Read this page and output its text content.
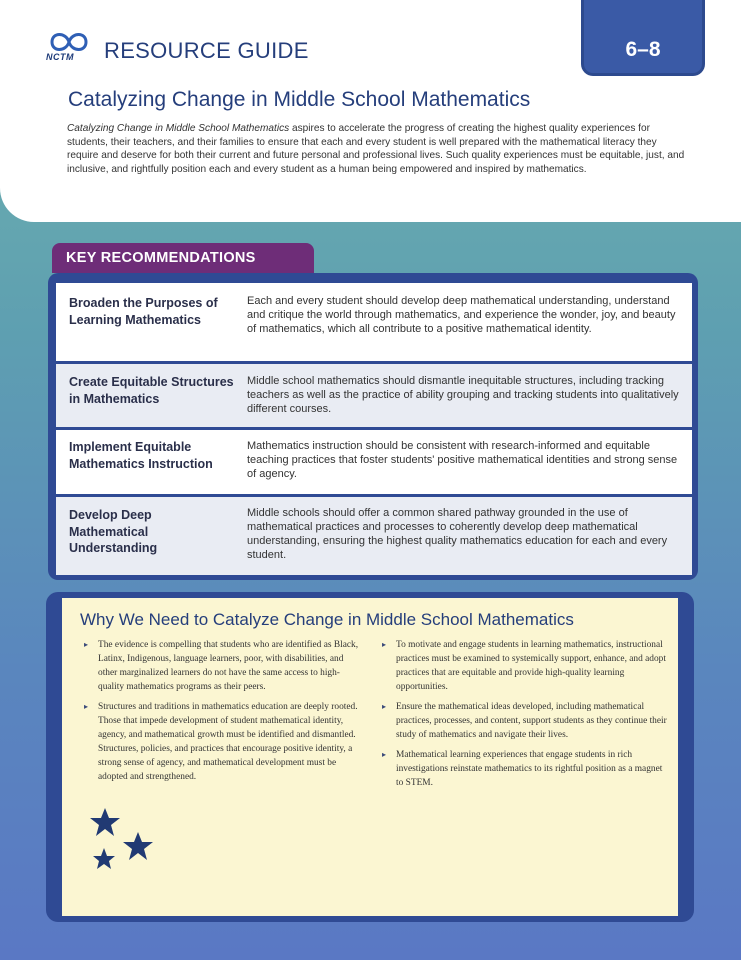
NCTM RESOURCE GUIDE	6–8
Catalyzing Change in Middle School Mathematics
Catalyzing Change in Middle School Mathematics aspires to accelerate the progress of creating the highest quality experiences for students, their teachers, and their families to ensure that each and every student is well prepared with the mathematical literacy they require and deserve for both their current and future personal and professional lives. Such quality experiences must be equitable, just, and inclusive, and rightfully position each and every student as a human being empowered and inspired by mathematics.
KEY RECOMMENDATIONS
Broaden the Purposes of Learning Mathematics
Each and every student should develop deep mathematical understanding, understand and critique the world through mathematics, and experience the wonder, joy, and beauty of mathematics, which all contribute to a positive mathematical identity.
Create Equitable Structures in Mathematics
Middle school mathematics should dismantle inequitable structures, including tracking teachers as well as the practice of ability grouping and tracking students into qualitatively different courses.
Implement Equitable Mathematics Instruction
Mathematics instruction should be consistent with research-informed and equitable teaching practices that foster students' positive mathematical identities and strong sense of agency.
Develop Deep Mathematical Understanding
Middle schools should offer a common shared pathway grounded in the use of mathematical practices and processes to coherently develop deep mathematical understanding, ensuring the highest quality mathematics education for each and every student.
Why We Need to Catalyze Change in Middle School Mathematics

▸ The evidence is compelling that students who are identified as Black, Latinx, Indigenous, language learners, poor, with disabilities, and other marginalized learners do not have the same access to high-quality mathematics programs as their peers.

▸ Structures and traditions in mathematics education are deeply rooted. Those that impede development of student mathematical identity, agency, and mathematical growth must be identified and dismantled. Structures, policies, and practices that encourage positive identity, a strong sense of agency, and mathematical development must be adopted and strengthened.

▸ To motivate and engage students in learning mathematics, instructional practices must be examined to systemically support, enhance, and adopt practices that are equitable and provide high-quality learning opportunities.

▸ Ensure the mathematical ideas developed, including mathematical practices, processes, and content, support students as they continue their study of mathematics and navigate their lives.

▸ Mathematical learning experiences that engage students in rich investigations reinstate mathematics to its rightful position as a magnet to STEM.
